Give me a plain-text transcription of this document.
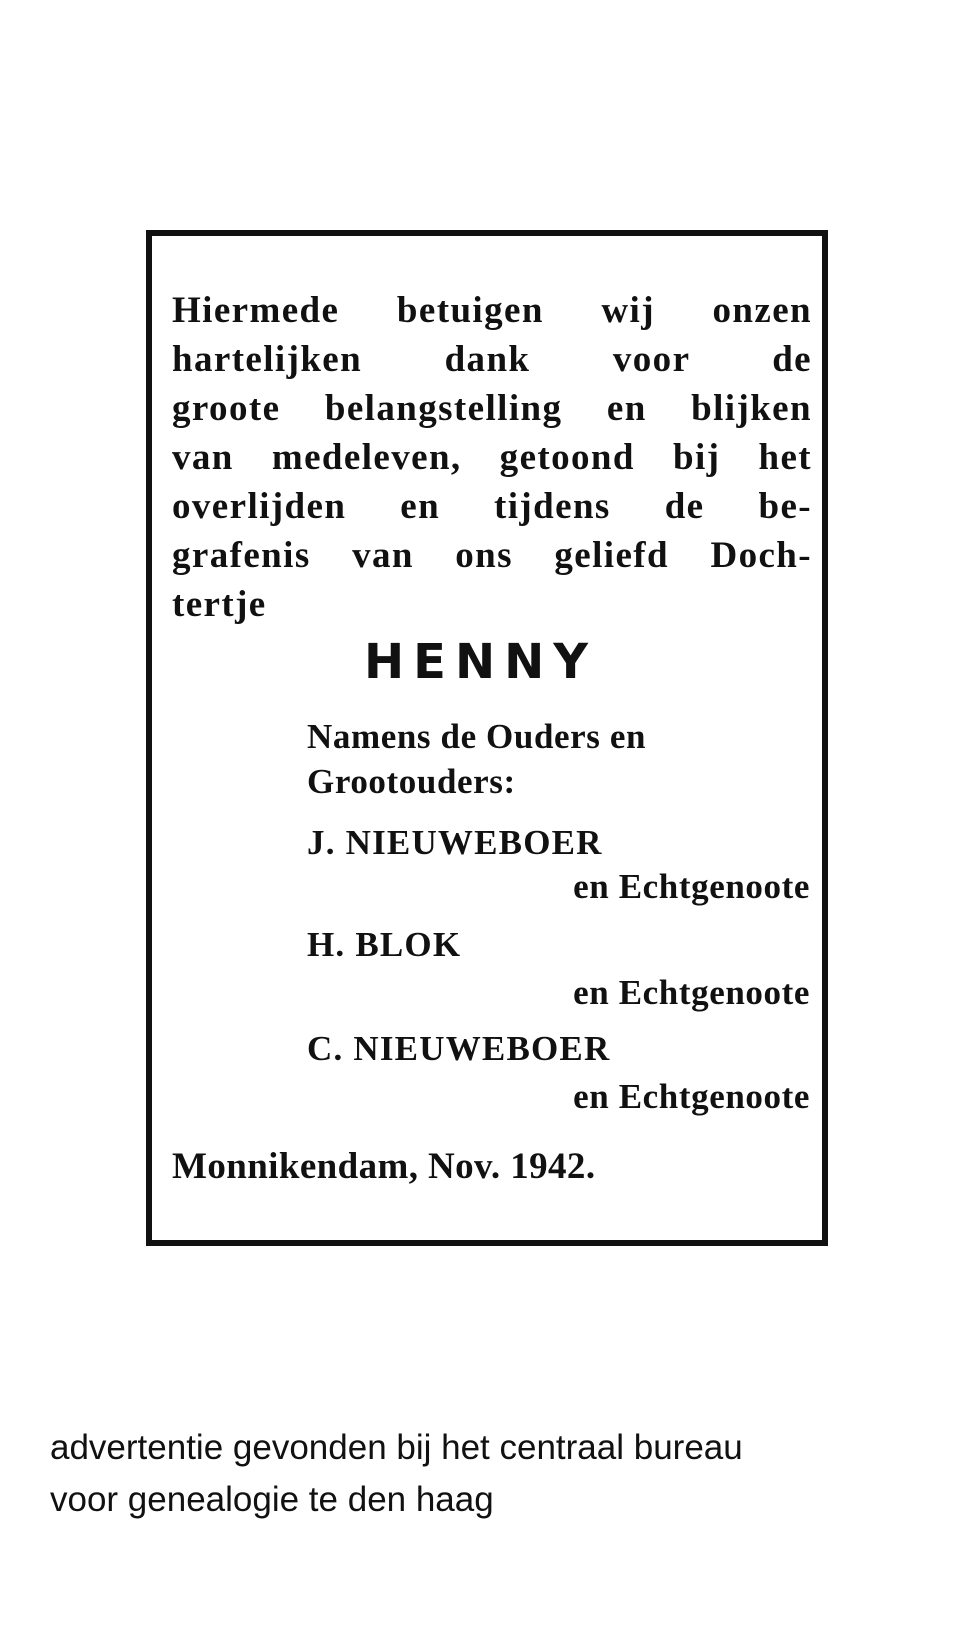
Hiermede betuigen wij onzen
hartelijken dank voor de
groote belangstelling en blijken
van medeleven, getoond bij het
overlijden en tijdens de be-
grafenis van ons geliefd Doch-
tertje
HENNY
Namens de Ouders en
Grootouders:
J. NIEUWEBOER
en Echtgenoote
H. BLOK
en Echtgenoote
C. NIEUWEBOER
en Echtgenoote
Monnikendam, Nov. 1942.
advertentie gevonden bij het centraal bureau
voor genealogie te den haag
